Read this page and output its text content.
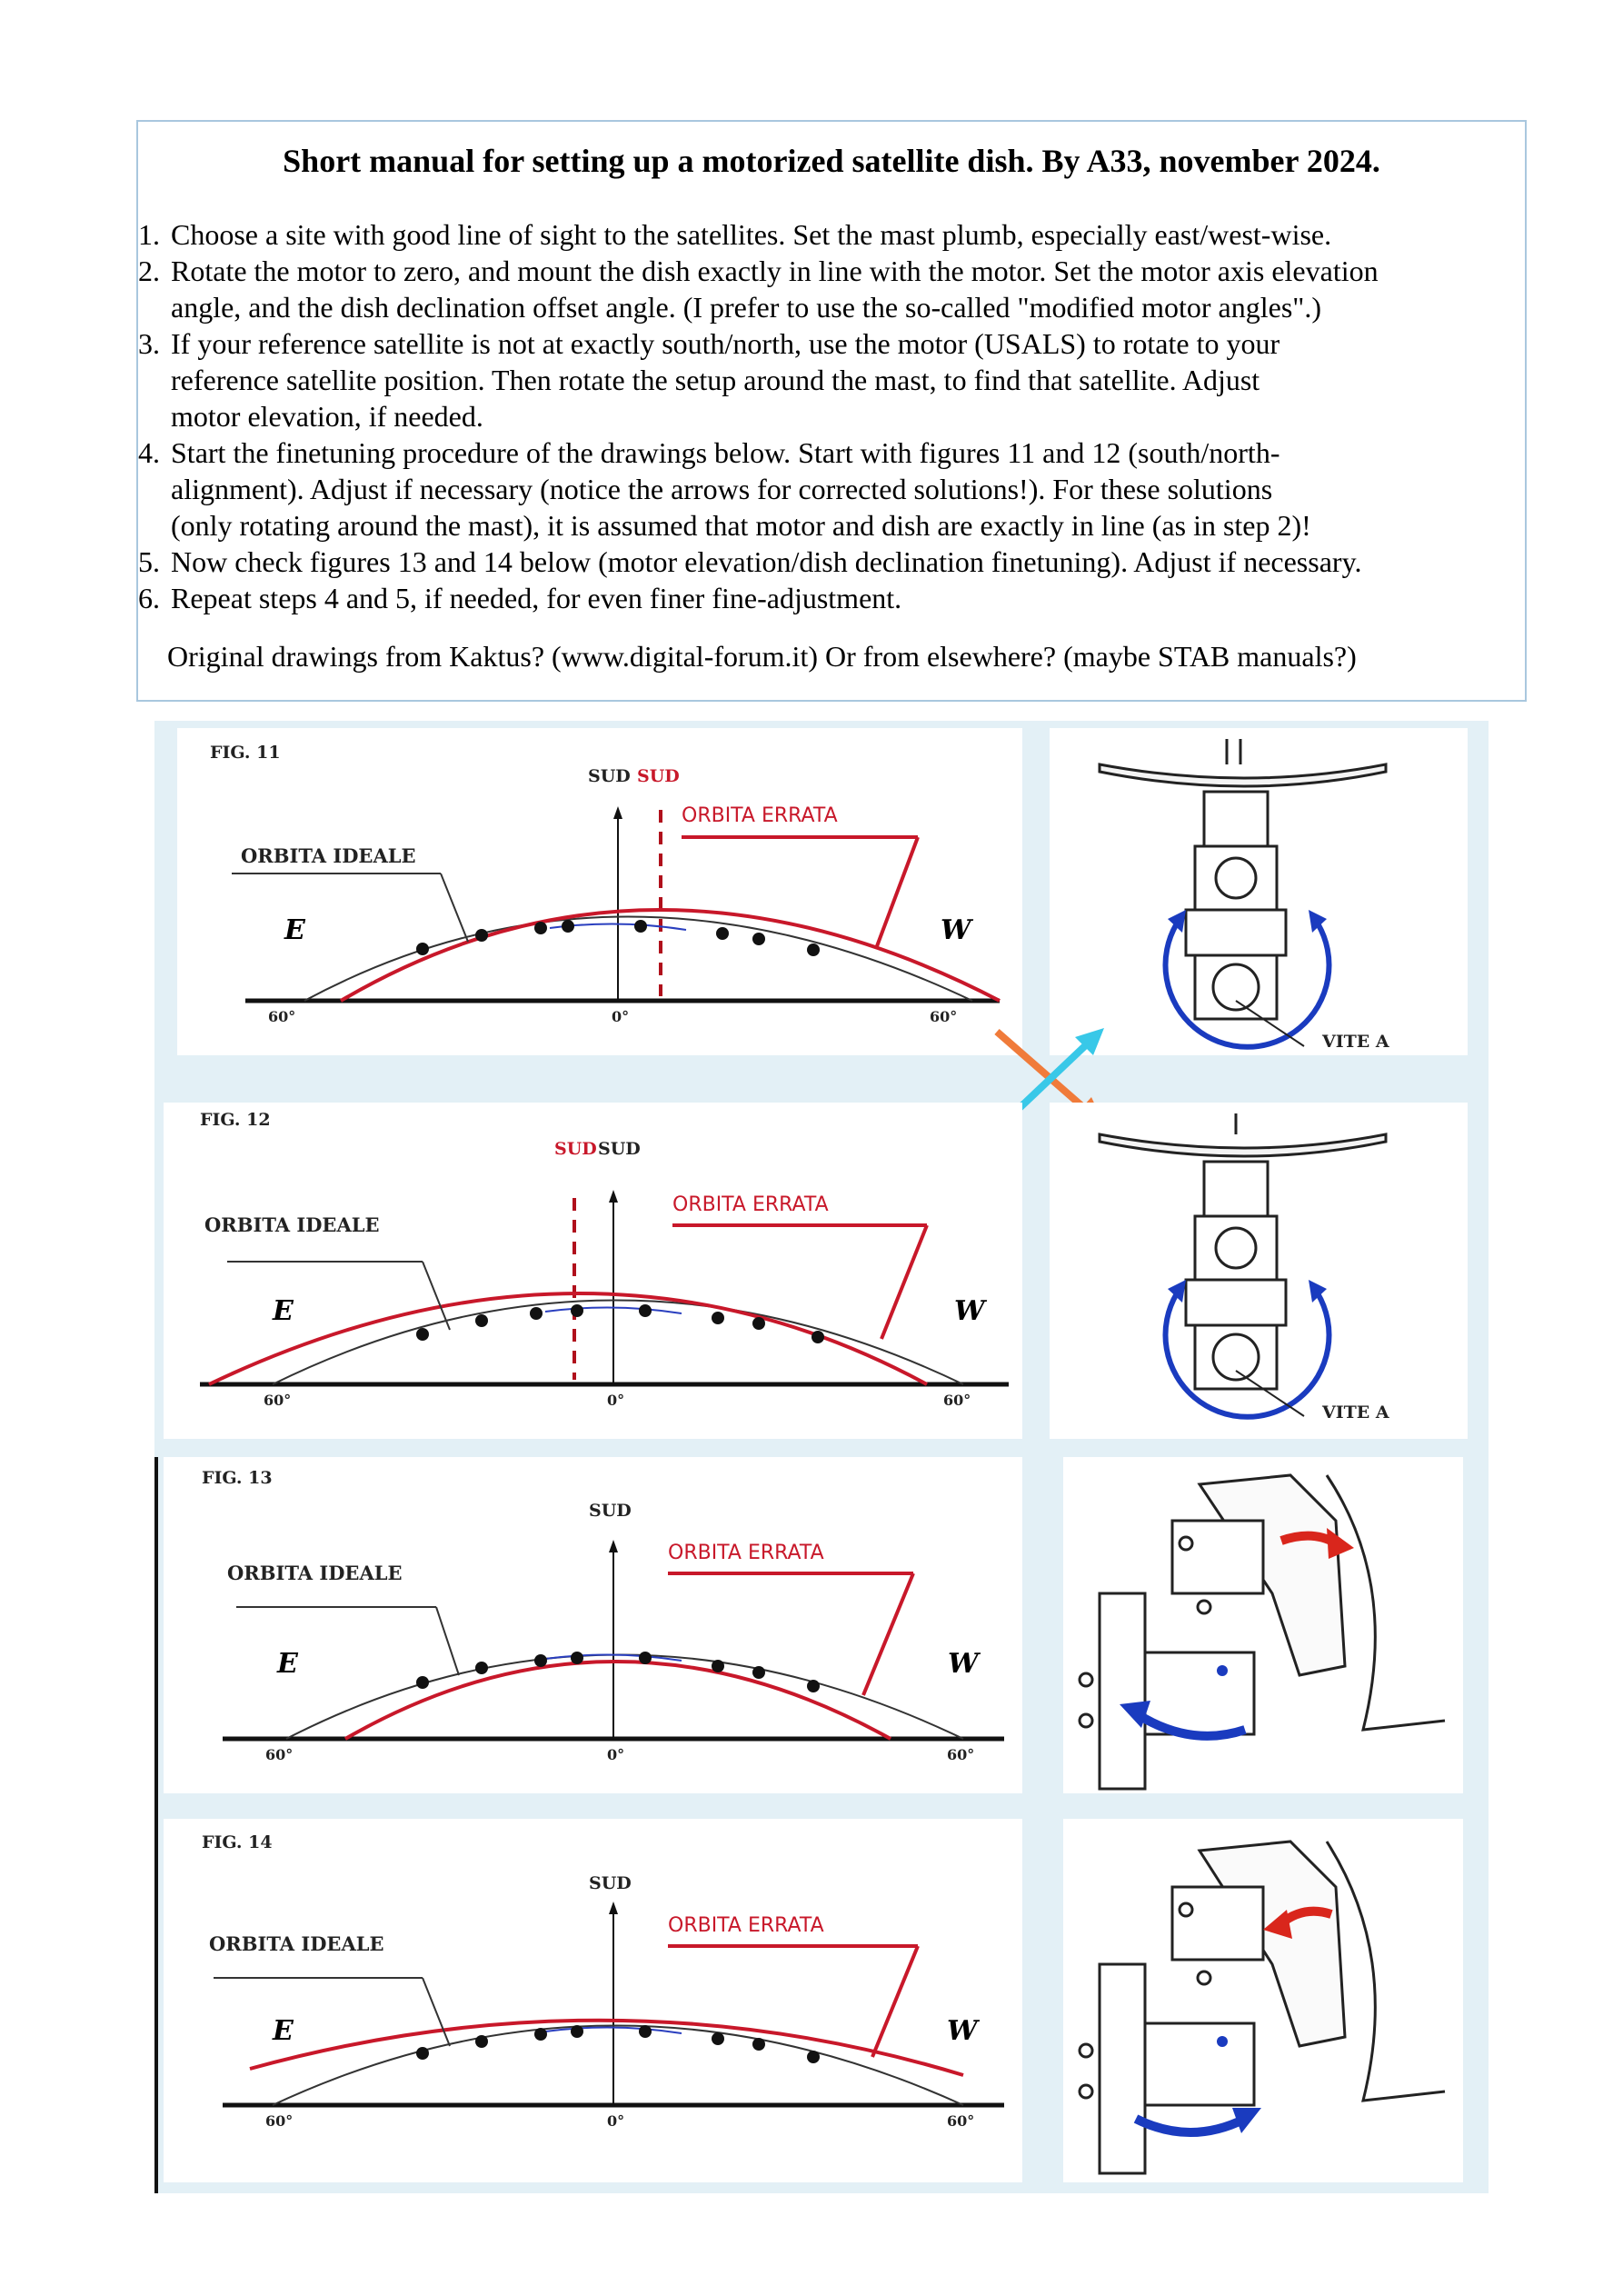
Short manual for setting up a motorized satellite dish. By A33, november 2024.
1. Choose a site with good line of sight to the satellites. Set the mast plumb, especially east/west-wise.
2. Rotate the motor to zero, and mount the dish exactly in line with the motor. Set the motor axis elevation
angle, and the dish declination offset angle. (I prefer to use the so-called "modified motor angles".)
3. If your reference satellite is not at exactly south/north, use the motor (USALS) to rotate to your
reference satellite position. Then rotate the setup around the mast, to find that satellite. Adjust
motor elevation, if needed.
4. Start the finetuning procedure of the drawings below. Start with figures 11 and 12 (south/north-
alignment). Adjust if necessary (notice the arrows for corrected solutions!). For these solutions
(only rotating around the mast), it is assumed that motor and dish are exactly in line (as in step 2)!
5. Now check figures 13 and 14 below (motor elevation/dish declination finetuning). Adjust if necessary.
6. Repeat steps 4 and 5, if needed, for even finer fine-adjustment.
Original drawings from Kaktus? (www.digital-forum.it) Or from elsewhere? (maybe STAB manuals?)
FIG. 11
ORBITA IDEALE
ORBITA ERRATA
SUD SUD
E	W
60°	0°	60°
VITE A
FIG. 12
ORBITA IDEALE
ORBITA ERRATA
SUD SUD
E	W
60°	0°	60°
VITE A
FIG. 13
ORBITA IDEALE
ORBITA ERRATA
SUD
E	W
60°	0°	60°
FIG. 14
ORBITA IDEALE
ORBITA ERRATA
SUD
E	W
60°	0°	60°
